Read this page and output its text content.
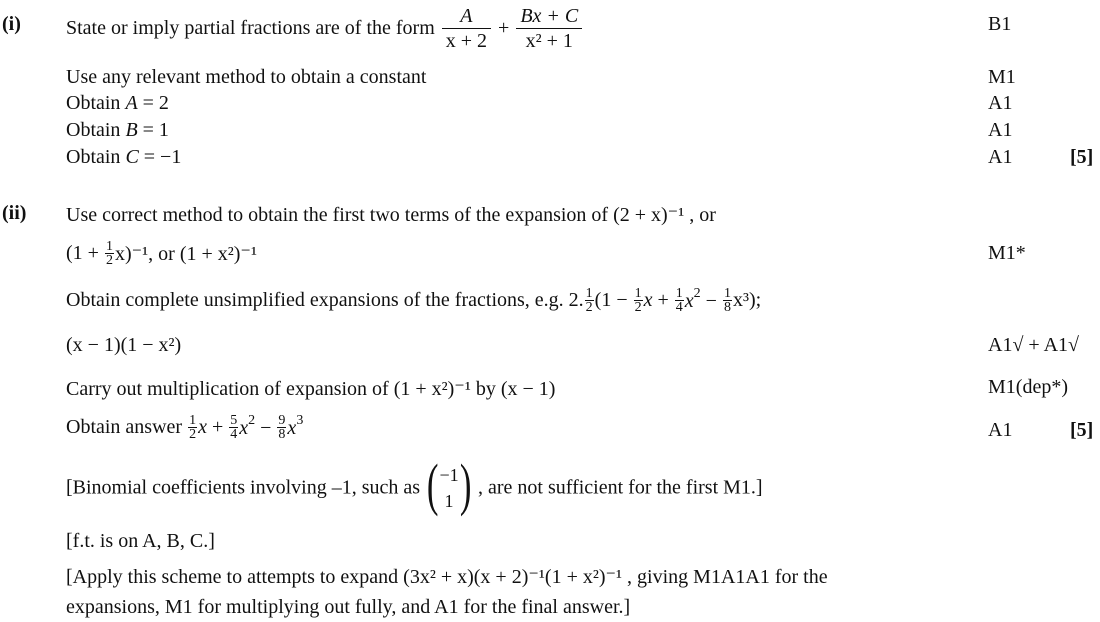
(i) State or imply partial fractions are of the form $\frac{A}{x + 2} + \frac{Bx + C}{\text{x² + 1}}$	B1
Use any relevant method to obtain a constant	M1
Obtain A = 2	A1
Obtain B = 1	A1
Obtain C = −1	A1	[5]
(ii) Use correct method to obtain the first two terms of the expansion of (2 + x)⁻¹ , or
$(1 + \frac{1}{2} x)^{-1}$, or (1 + x²)⁻¹	M1*
Obtain complete unsimplified expansions of the fractions, e.g. 2. $\frac{1}{2} (1 - \frac{1}{2}$ $x + \frac{1}{4} x^2 - \frac{1}{8} x^3$);
(x − 1)(1 − x²)	A1√ + A1√
Carry out multiplication of expansion of (1 + x²)⁻¹ by (x − 1)	M1(dep*)
Obtain answer $\frac{1}{2}$ $x + \frac{5}{4} x^2 - \frac{9}{8} x^3$	A1	[5]
[Binomial coefficients involving –1, such as ( −1
1 ) , are not sufficient for the first M1.]
[f.t. is on A, B, C.]
[Apply this scheme to attempts to expand (3x² + x)(x + 2)⁻¹(1 + x²)⁻¹ , giving M1A1A1 for the
expansions, M1 for multiplying out fully, and A1 for the final answer.]
